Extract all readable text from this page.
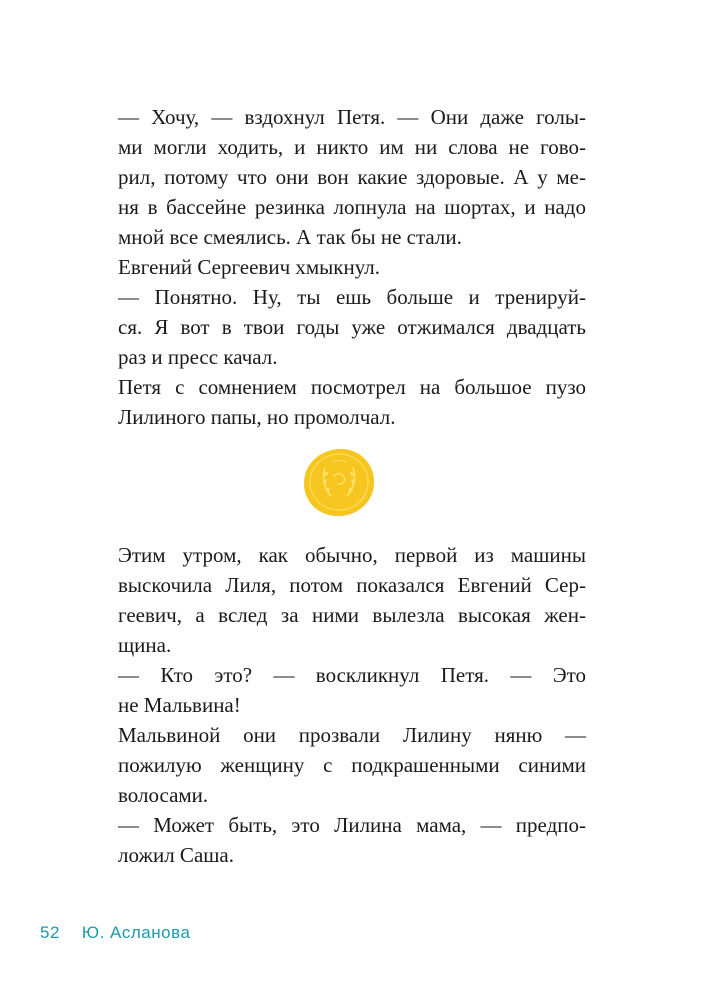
— Хочу, — вздохнул Петя. — Они даже голы-
ми могли ходить, и никто им ни слова не гово-
рил, потому что они вон какие здоровые. А у ме-
ня в бассейне резинка лопнула на шортах, и надо
мной все смеялись. А так бы не стали.
Евгений Сергеевич хмыкнул.
— Понятно. Ну, ты ешь больше и тренируй-
ся. Я вот в твои годы уже отжимался двадцать
раз и пресс качал.
Петя с сомнением посмотрел на большое пузо
Лилиного папы, но промолчал.
Этим утром, как обычно, первой из машины
выскочила Лиля, потом показался Евгений Сер-
геевич, а вслед за ними вылезла высокая жен-
щина.
— Кто это? — воскликнул Петя. — Это
не Мальвина!
Мальвиной они прозвали Лилину няню —
пожилую женщину с подкрашенными синими
волосами.
— Может быть, это Лилина мама, — предпо-
ложил Саша.
52 Ю. Асланова
